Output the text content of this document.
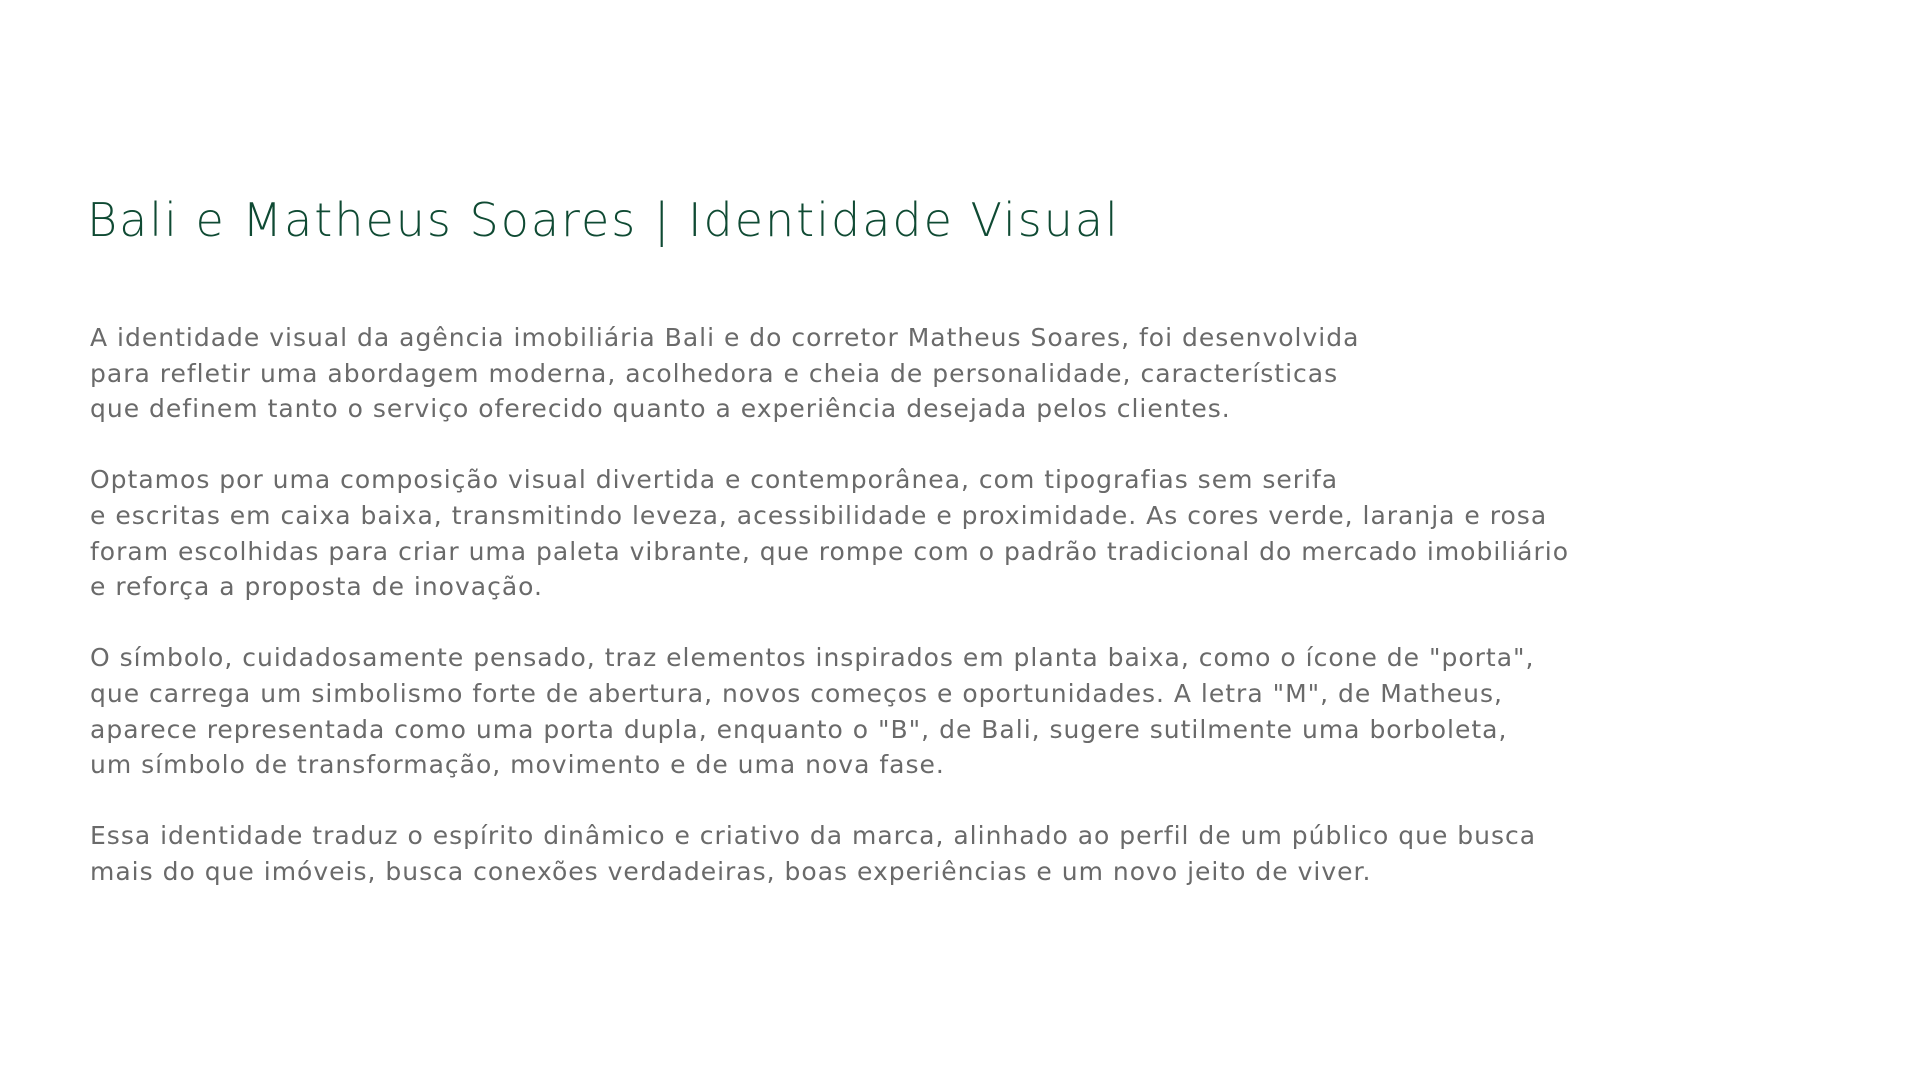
Bali e Matheus Soares | Identidade Visual

A identidade visual da agência imobiliária Bali e do corretor Matheus Soares, foi desenvolvida
para refletir uma abordagem moderna, acolhedora e cheia de personalidade, características
que definem tanto o serviço oferecido quanto a experiência desejada pelos clientes.

Optamos por uma composição visual divertida e contemporânea, com tipografias sem serifa
e escritas em caixa baixa, transmitindo leveza, acessibilidade e proximidade. As cores verde, laranja e rosa
foram escolhidas para criar uma paleta vibrante, que rompe com o padrão tradicional do mercado imobiliário
e reforça a proposta de inovação.

O símbolo, cuidadosamente pensado, traz elementos inspirados em planta baixa, como o ícone de "porta",
que carrega um simbolismo forte de abertura, novos começos e oportunidades. A letra "M", de Matheus,
aparece representada como uma porta dupla, enquanto o "B", de Bali, sugere sutilmente uma borboleta,
um símbolo de transformação, movimento e de uma nova fase.

Essa identidade traduz o espírito dinâmico e criativo da marca, alinhado ao perfil de um público que busca
mais do que imóveis, busca conexões verdadeiras, boas experiências e um novo jeito de viver.
